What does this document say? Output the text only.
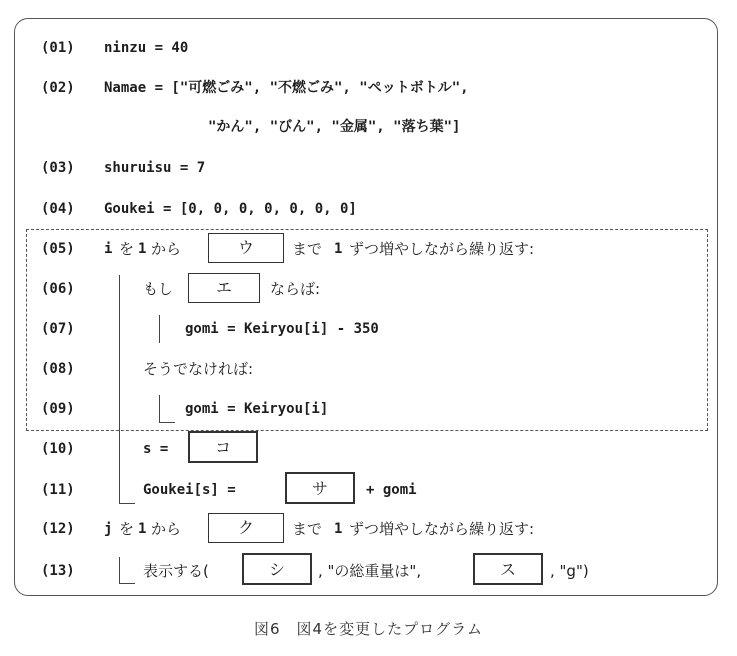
(01) ninzu = 40
(02) Namae = ["可燃ごみ", "不燃ごみ", "ペットボトル",
"かん", "びん", "金属", "落ち葉"]
(03) shuruisu = 7
(04) Goukei = [0, 0, 0, 0, 0, 0, 0]
(05) i を 1 から	ウ	まで 1 ずつ増やしながら繰り返す:
(06)	もし	エ	ならば:
(07)	gomi = Keiryou[i] - 350
(08)	そうでなければ:
(09)	gomi = Keiryou[i]
(10)	s =	コ
(11)	Goukei[s] =	サ	+ gomi
(12) j を 1 から	ク	まで 1 ずつ増やしながら繰り返す:
(13)	表示する(	シ	, "の総重量は",	ス	, "g")
図6　図4を変更したプログラム
